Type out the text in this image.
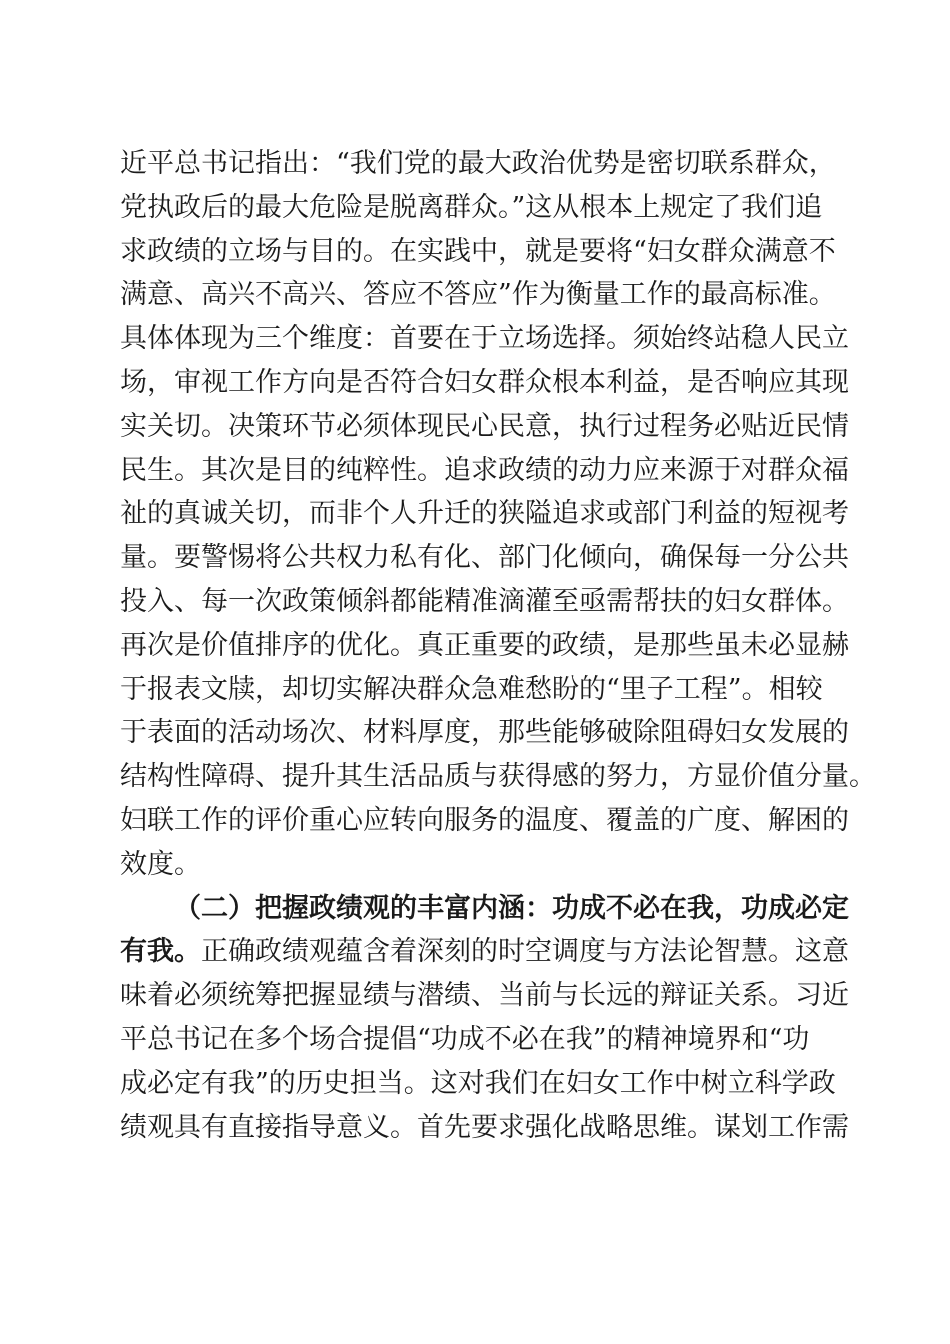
近平总书记指出：“我们党的最大政治优势是密切联系群众，
党执政后的最大危险是脱离群众。”这从根本上规定了我们追
求政绩的立场与目的。在实践中，就是要将“妇女群众满意不
满意、高兴不高兴、答应不答应”作为衡量工作的最高标准。
具体体现为三个维度：首要在于立场选择。须始终站稳人民立
场，审视工作方向是否符合妇女群众根本利益，是否响应其现
实关切。决策环节必须体现民心民意，执行过程务必贴近民情
民生。其次是目的纯粹性。追求政绩的动力应来源于对群众福
祉的真诚关切，而非个人升迁的狭隘追求或部门利益的短视考
量。要警惕将公共权力私有化、部门化倾向，确保每一分公共
投入、每一次政策倾斜都能精准滴灌至亟需帮扶的妇女群体。
再次是价值排序的优化。真正重要的政绩，是那些虽未必显赫
于报表文牍，却切实解决群众急难愁盼的“里子工程”。相较
于表面的活动场次、材料厚度，那些能够破除阻碍妇女发展的
结构性障碍、提升其生活品质与获得感的努力，方显价值分量。
妇联工作的评价重心应转向服务的温度、覆盖的广度、解困的
效度。
（二）把握政绩观的丰富内涵：功成不必在我，功成必定
有我。正确政绩观蕴含着深刻的时空调度与方法论智慧。这意
味着必须统筹把握显绩与潜绩、当前与长远的辩证关系。习近
平总书记在多个场合提倡“功成不必在我”的精神境界和“功
成必定有我”的历史担当。这对我们在妇女工作中树立科学政
绩观具有直接指导意义。首先要求强化战略思维。谋划工作需
